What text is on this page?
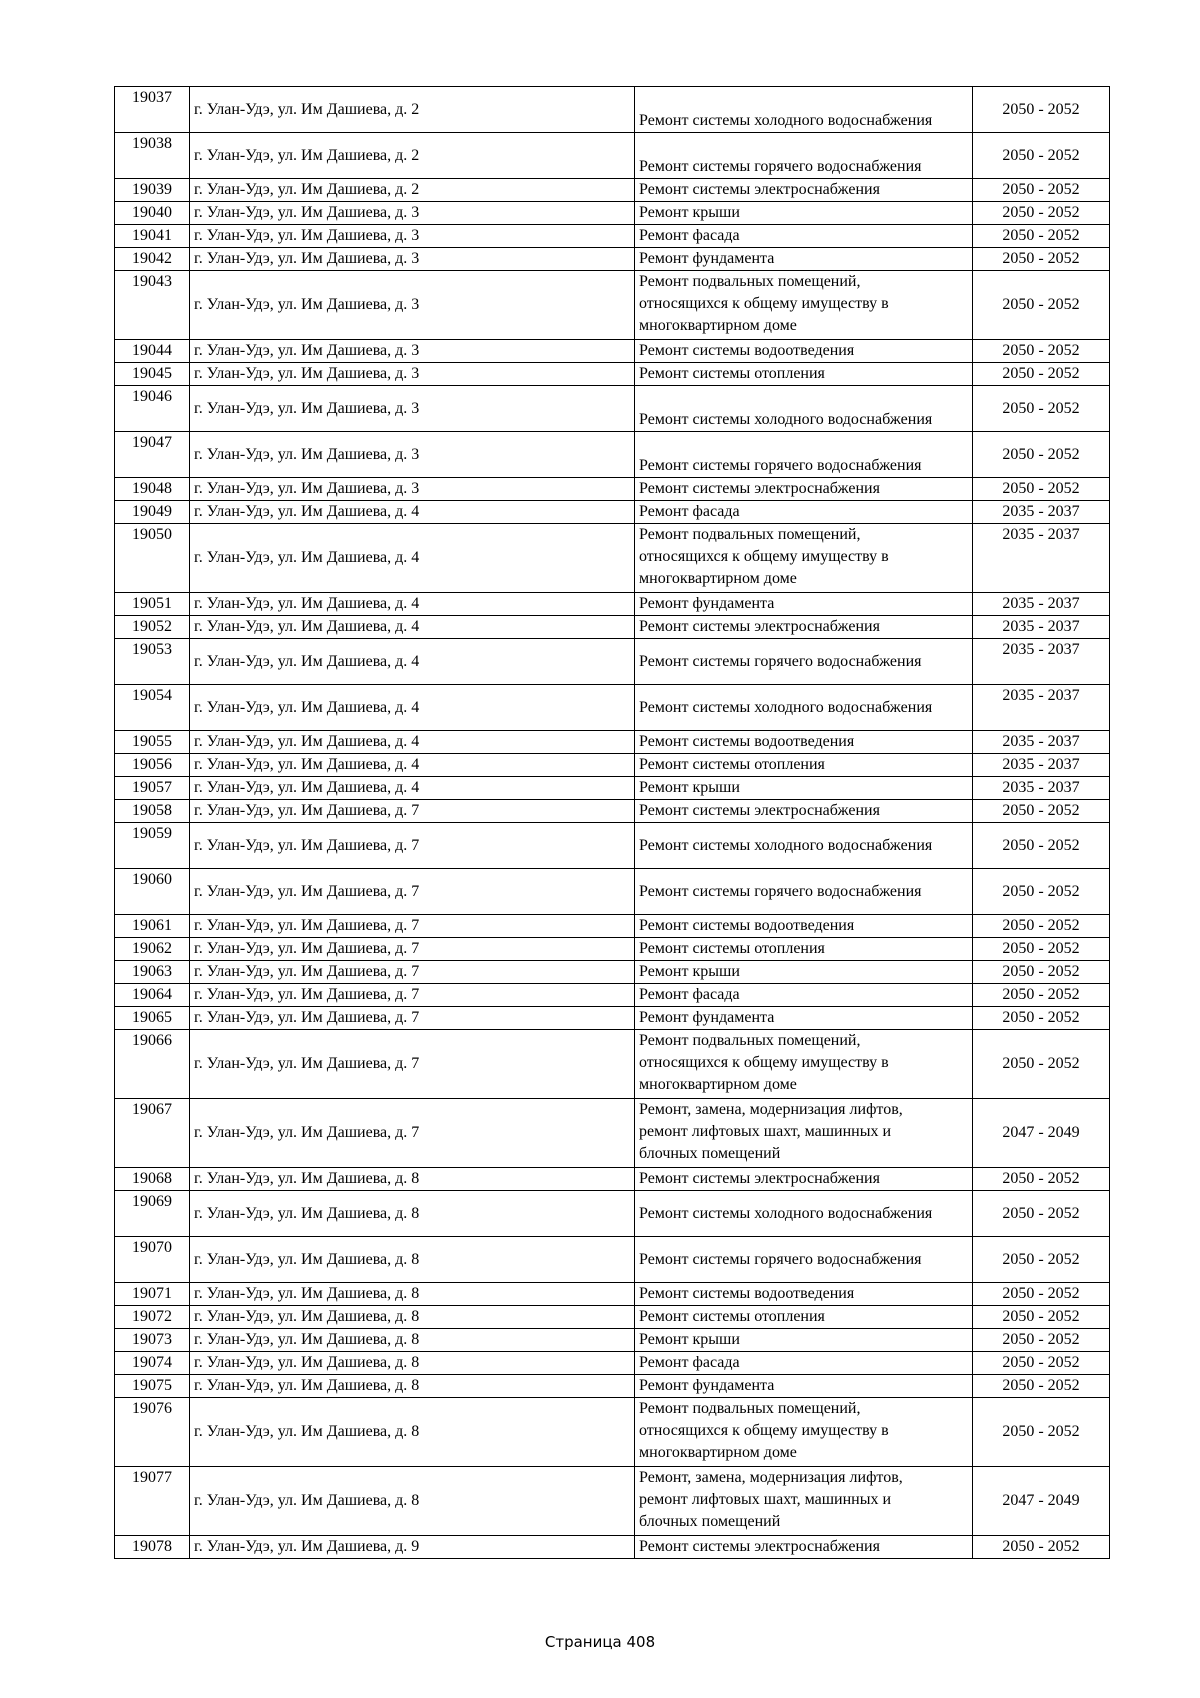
19037	г. Улан-Удэ, ул. Им Дашиева, д. 2	Ремонт системы холодного водоснабжения	2050 - 2052
19038	г. Улан-Удэ, ул. Им Дашиева, д. 2	Ремонт системы горячего водоснабжения	2050 - 2052
19039	г. Улан-Удэ, ул. Им Дашиева, д. 2	Ремонт системы электроснабжения	2050 - 2052
19040	г. Улан-Удэ, ул. Им Дашиева, д. 3	Ремонт крыши	2050 - 2052
19041	г. Улан-Удэ, ул. Им Дашиева, д. 3	Ремонт фасада	2050 - 2052
19042	г. Улан-Удэ, ул. Им Дашиева, д. 3	Ремонт фундамента	2050 - 2052
19043	г. Улан-Удэ, ул. Им Дашиева, д. 3	Ремонт подвальных помещений,
относящихся к общему имуществу в
многоквартирном доме	2050 - 2052
19044	г. Улан-Удэ, ул. Им Дашиева, д. 3	Ремонт системы водоотведения	2050 - 2052
19045	г. Улан-Удэ, ул. Им Дашиева, д. 3	Ремонт системы отопления	2050 - 2052
19046	г. Улан-Удэ, ул. Им Дашиева, д. 3	Ремонт системы холодного водоснабжения	2050 - 2052
19047	г. Улан-Удэ, ул. Им Дашиева, д. 3	Ремонт системы горячего водоснабжения	2050 - 2052
19048	г. Улан-Удэ, ул. Им Дашиева, д. 3	Ремонт системы электроснабжения	2050 - 2052
19049	г. Улан-Удэ, ул. Им Дашиева, д. 4	Ремонт фасада	2035 - 2037
19050	г. Улан-Удэ, ул. Им Дашиева, д. 4	Ремонт подвальных помещений,
относящихся к общему имуществу в
многоквартирном доме	2035 - 2037
19051	г. Улан-Удэ, ул. Им Дашиева, д. 4	Ремонт фундамента	2035 - 2037
19052	г. Улан-Удэ, ул. Им Дашиева, д. 4	Ремонт системы электроснабжения	2035 - 2037
19053	г. Улан-Удэ, ул. Им Дашиева, д. 4	Ремонт системы горячего водоснабжения	2035 - 2037
19054	г. Улан-Удэ, ул. Им Дашиева, д. 4	Ремонт системы холодного водоснабжения	2035 - 2037
19055	г. Улан-Удэ, ул. Им Дашиева, д. 4	Ремонт системы водоотведения	2035 - 2037
19056	г. Улан-Удэ, ул. Им Дашиева, д. 4	Ремонт системы отопления	2035 - 2037
19057	г. Улан-Удэ, ул. Им Дашиева, д. 4	Ремонт крыши	2035 - 2037
19058	г. Улан-Удэ, ул. Им Дашиева, д. 7	Ремонт системы электроснабжения	2050 - 2052
19059	г. Улан-Удэ, ул. Им Дашиева, д. 7	Ремонт системы холодного водоснабжения	2050 - 2052
19060	г. Улан-Удэ, ул. Им Дашиева, д. 7	Ремонт системы горячего водоснабжения	2050 - 2052
19061	г. Улан-Удэ, ул. Им Дашиева, д. 7	Ремонт системы водоотведения	2050 - 2052
19062	г. Улан-Удэ, ул. Им Дашиева, д. 7	Ремонт системы отопления	2050 - 2052
19063	г. Улан-Удэ, ул. Им Дашиева, д. 7	Ремонт крыши	2050 - 2052
19064	г. Улан-Удэ, ул. Им Дашиева, д. 7	Ремонт фасада	2050 - 2052
19065	г. Улан-Удэ, ул. Им Дашиева, д. 7	Ремонт фундамента	2050 - 2052
19066	г. Улан-Удэ, ул. Им Дашиева, д. 7	Ремонт подвальных помещений,
относящихся к общему имуществу в
многоквартирном доме	2050 - 2052
19067	г. Улан-Удэ, ул. Им Дашиева, д. 7	Ремонт, замена, модернизация лифтов,
ремонт лифтовых шахт, машинных и
блочных помещений	2047 - 2049
19068	г. Улан-Удэ, ул. Им Дашиева, д. 8	Ремонт системы электроснабжения	2050 - 2052
19069	г. Улан-Удэ, ул. Им Дашиева, д. 8	Ремонт системы холодного водоснабжения	2050 - 2052
19070	г. Улан-Удэ, ул. Им Дашиева, д. 8	Ремонт системы горячего водоснабжения	2050 - 2052
19071	г. Улан-Удэ, ул. Им Дашиева, д. 8	Ремонт системы водоотведения	2050 - 2052
19072	г. Улан-Удэ, ул. Им Дашиева, д. 8	Ремонт системы отопления	2050 - 2052
19073	г. Улан-Удэ, ул. Им Дашиева, д. 8	Ремонт крыши	2050 - 2052
19074	г. Улан-Удэ, ул. Им Дашиева, д. 8	Ремонт фасада	2050 - 2052
19075	г. Улан-Удэ, ул. Им Дашиева, д. 8	Ремонт фундамента	2050 - 2052
19076	г. Улан-Удэ, ул. Им Дашиева, д. 8	Ремонт подвальных помещений,
относящихся к общему имуществу в
многоквартирном доме	2050 - 2052
19077	г. Улан-Удэ, ул. Им Дашиева, д. 8	Ремонт, замена, модернизация лифтов,
ремонт лифтовых шахт, машинных и
блочных помещений	2047 - 2049
19078	г. Улан-Удэ, ул. Им Дашиева, д. 9	Ремонт системы электроснабжения	2050 - 2052
Страница 408
